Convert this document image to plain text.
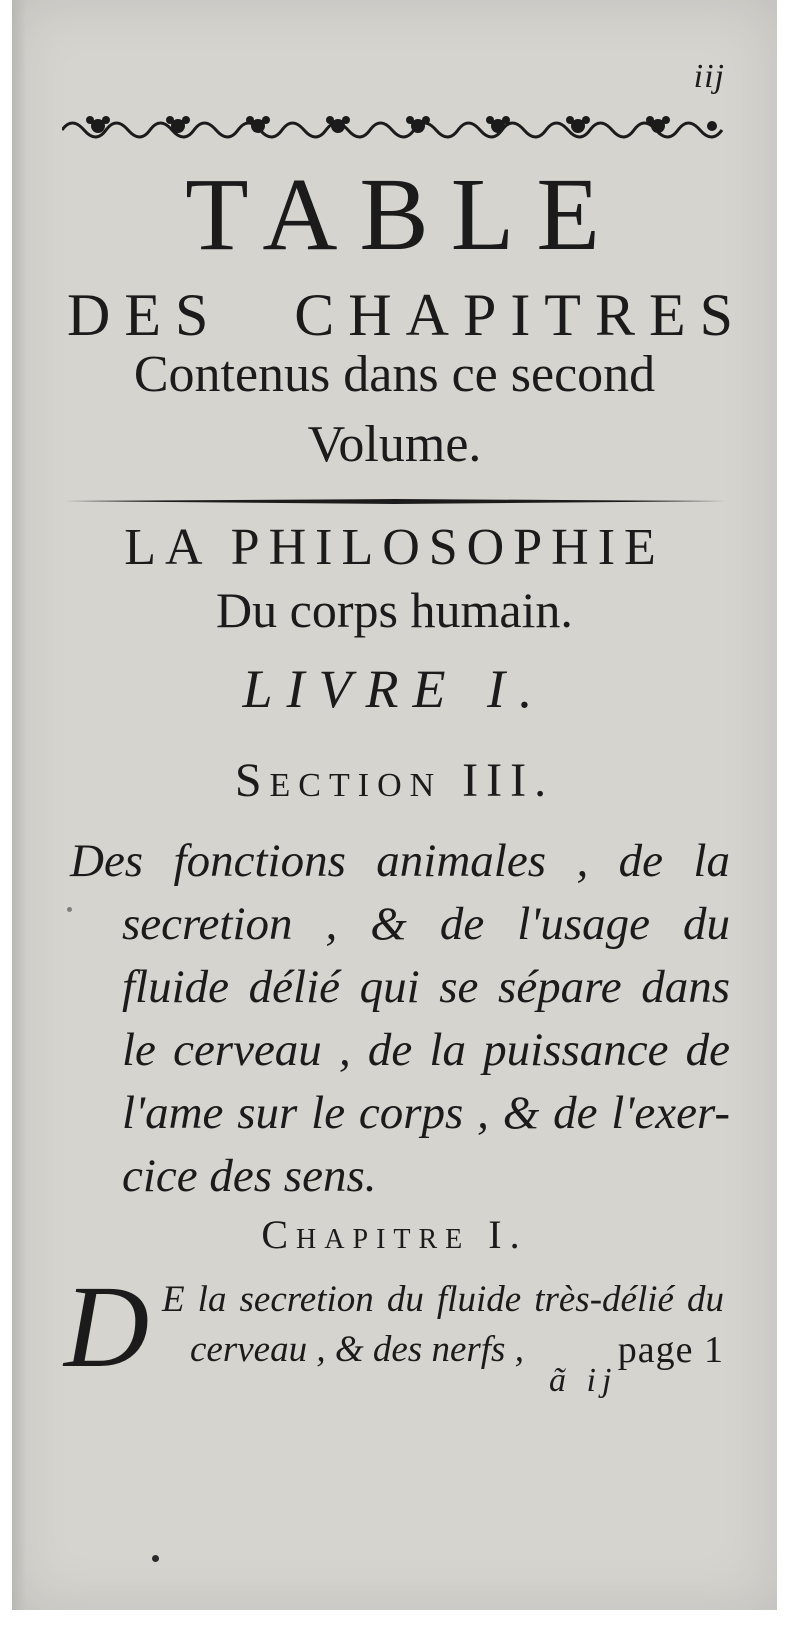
iij
TABLE
DES CHAPITRES
Contenus dans ce second
Volume.
LA PHILOSOPHIE
Du corps humain.
LIVRE I.
Section III.
Des fonctions animales , de la
secretion , & de l'usage du
fluide délié qui se sépare dans
le cerveau , de la puissance de
l'ame sur le corps , & de l'exer-
cice des sens.
Chapitre I.
D E la secretion du fluide très-délié du
cerveau , & des nerfs , page 1
ã ij
